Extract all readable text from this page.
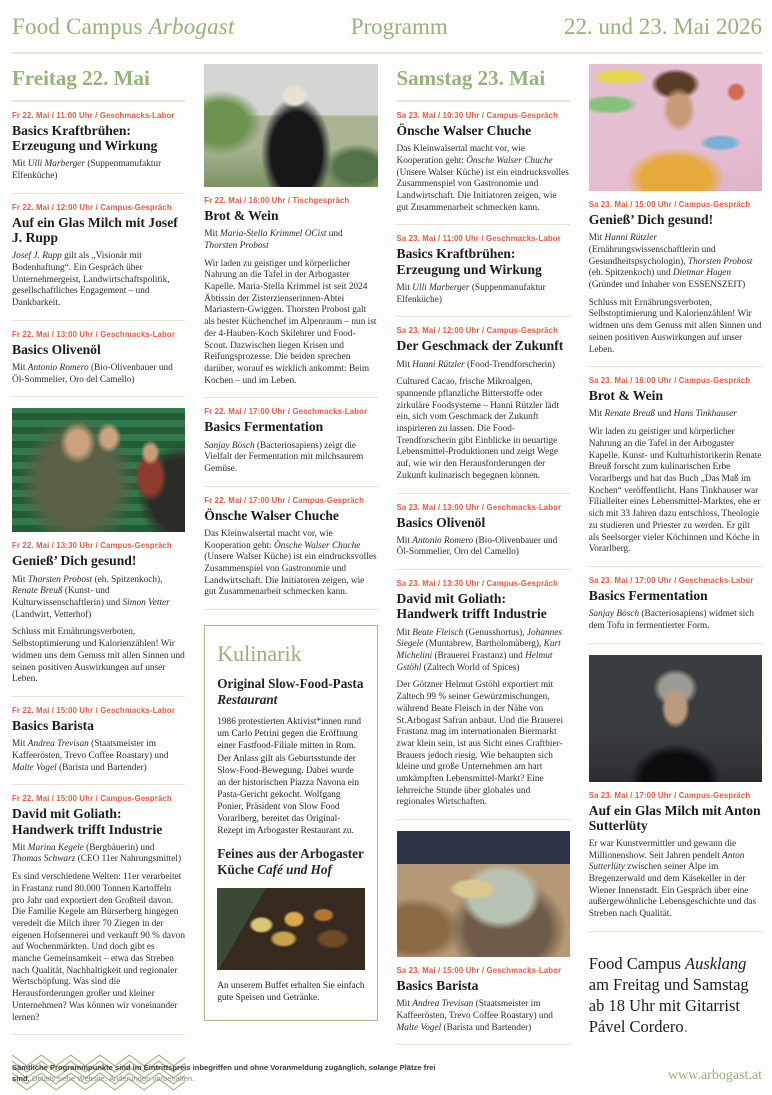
Food Campus Arbogast	Programm	22. und 23. Mai 2026
Freitag 22. Mai
Fr 22. Mai / 11:00 Uhr / Geschmacks-Labor
Basics Kraftbrühen: Erzeugung und Wirkung
Mit Ulli Marberger (Suppenmanufaktur Elfenküche)
Fr 22. Mai / 12:00 Uhr / Campus-Gespräch
Auf ein Glas Milch mit Josef J. Rupp
Josef J. Rupp gilt als „Visionär mit Bodenhaftung“. Ein Gespräch über Unternehmergeist, Landwirtschaftspolitik, gesellschaftliches Engagement – und Dankbarkeit.
Fr 22. Mai / 13:00 Uhr / Geschmacks-Labor
Basics Olivenöl
Mit Antonio Romero (Bio-Olivenbauer und Öl-Sommelier, Oro del Camello)
Fr 22. Mai / 13:30 Uhr / Campus-Gespräch
Genieß’ Dich gesund!
Mit Thorsten Probost (eh. Spitzenkoch), Renate Breuß (Kunst- und Kulturwissenschaftlerin) und Simon Vetter (Landwirt, Vetterhof)
Schluss mit Ernährungsverboten, Selbstoptimierung und Kalorienzählen! Wir widmen uns dem Genuss mit allen Sinnen und seinen positiven Auswirkungen auf unser Leben.
Fr 22. Mai / 15:00 Uhr / Geschmacks-Labor
Basics Barista
Mit Andrea Trevisan (Staatsmeister im Kaffeerösten, Trevo Coffee Roastary) und Malte Vogel (Barista und Bartender)
Fr 22. Mai / 15:00 Uhr / Campus-Gespräch
David mit Goliath: Handwerk trifft Industrie
Mit Marina Kegele (Bergbäuerin) und Thomas Schwarz (CEO 11er Nahrungsmittel)
Es sind verschiedene Welten: 11er verarbeitet in Frastanz rund 80.000 Tonnen Kartoffeln pro Jahr und exportiert den Großteil davon. Die Familie Kegele am Bürserberg hingegen veredelt die Milch ihrer 70 Ziegen in der eigenen Hofsennerei und verkauft 90 % davon auf Wochenmärkten. Und doch gibt es manche Gemeinsamkeit – etwa das Streben nach Qualität, Nachhaltigkeit und regionaler Wertschöpfung. Was sind die Herausforderungen großer und kleiner Unternehmen? Was können wir voneinander lernen?
Fr 22. Mai / 16:00 Uhr / Tischgespräch
Brot & Wein
Mit Maria-Stella Krimmel OCist und Thorsten Probost
Wir laden zu geistiger und körperlicher Nahrung an die Tafel in der Arbogaster Kapelle. Maria-Stella Krimmel ist seit 2024 Äbtissin der Zisterzienserinnen-Abtei Mariastern-Gwiggen. Thorsten Probost galt als bester Küchenchef im Alpenraum – nun ist der 4-Hauben-Koch Skilehrer und Food-Scout. Dazwischen liegen Krisen und Reifungsprozesse. Die beiden sprechen darüber, worauf es wirklich ankommt: Beim Kochen – und im Leben.
Fr 22. Mai / 17:00 Uhr / Geschmacks-Labor
Basics Fermentation
Sanjay Bösch (Bacteriosapiens) zeigt die Vielfalt der Fermentation mit milchsaurem Gemüse.
Fr 22. Mai / 17:00 Uhr / Campus-Gespräch
Önsche Walser Chuche
Das Kleinwalsertal macht vor, wie Kooperation geht: Önsche Walser Chuche (Unsere Walser Küche) ist ein eindrucksvolles Zusammenspiel von Gastronomie und Landwirtschaft. Die Initiatoren zeigen, wie gut Zusammenarbeit schmecken kann.
Kulinarik
Original Slow-Food-Pasta
Restaurant
1986 protestierten Aktivist*innen rund um Carlo Petrini gegen die Eröffnung einer Fastfood-Filiale mitten in Rom. Der Anlass gilt als Geburtsstunde der Slow-Food-Bewegung. Dabei wurde an der historischen Piazza Navona ein Pasta-Gericht gekocht. Wolfgang Ponier, Präsident von Slow Food Vorarlberg, bereitet das Original-Rezept im Arbogaster Restaurant zu.
Feines aus der Arbogaster Küche Café und Hof
An unserem Buffet erhalten Sie einfach gute Speisen und Getränke.
Samstag 23. Mai
Sa 23. Mai / 10:30 Uhr / Campus-Gespräch
Önsche Walser Chuche
Das Kleinwalsertal macht vor, wie Kooperation geht: Önsche Walser Chuche (Unsere Walser Küche) ist ein eindrucksvolles Zusammenspiel von Gastronomie und Landwirtschaft. Die Initiatoren zeigen, wie gut Zusammenarbeit schmecken kann.
Sa 23. Mai / 11:00 Uhr / Geschmacks-Labor
Basics Kraftbrühen: Erzeugung und Wirkung
Mit Ulli Marberger (Suppenmanufaktur Elfenküche)
Sa 23. Mai / 12:00 Uhr / Campus-Gespräch
Der Geschmack der Zukunft
Mit Hanni Rützler (Food-Trendforscherin)
Cultured Cacao, frische Mikroalgen, spannende pflanzliche Bitterstoffe oder zirkuläre Foodsysteme – Hanni Rützler lädt ein, sich vom Geschmack der Zukunft inspirieren zu lassen. Die Food-Trendforscherin gibt Einblicke in neuartige Lebensmittel-Produktionen und zeigt Wege auf, wie wir den Herausforderungen der Zukunft kulinarisch begegnen können.
Sa 23. Mai / 13:00 Uhr / Geschmacks-Labor
Basics Olivenöl
Mit Antonio Romero (Bio-Olivenbauer und Öl-Sommelier, Oro del Camello)
Sa 23. Mai / 13:30 Uhr / Campus-Gespräch
David mit Goliath: Handwerk trifft Industrie
Mit Beate Fleisch (Genusshortus), Johannes Siegele (Muntabrew, Bartholomäberg), Kurt Michelini (Brauerei Frastanz) und Helmut Gstöhl (Zaltech World of Spices)
Der Götzner Helmut Gstöhl exportiert mit Zaltech 99 % seiner Gewürzmischungen, während Beate Fleisch in der Nähe von St.Arbogast Safran anbaut. Und die Brauerei Frastanz mag im internationalen Biermarkt zwar klein sein, ist aus Sicht eines Craftbier-Brauers jedoch riesig. Wie behaupten sich kleine und große Unternehmen am hart umkämpften Lebensmittel-Markt? Eine lehrreiche Stunde über globales und regionales Wirtschaften.
Sa 23. Mai / 15:00 Uhr / Geschmacks-Labor
Basics Barista
Mit Andrea Trevisan (Staatsmeister im Kaffeerösten, Trevo Coffee Roastary) und Malte Vogel (Barista und Bartender)
Sa 23. Mai / 15:00 Uhr / Campus-Gespräch
Genieß’ Dich gesund!
Mit Hanni Rützler (Ernährungswissenschaftlerin und Gesundheitspsychologin), Thorsten Probost (eh. Spitzenkoch) und Dietmar Hagen (Gründer und Inhaber von ESSENSZEIT)
Schluss mit Ernährungsverboten, Selbstoptimierung und Kalorienzählen! Wir widmen uns dem Genuss mit allen Sinnen und seinen positiven Auswirkungen auf unser Leben.
Sa 23. Mai / 16:00 Uhr / Campus-Gespräch
Brot & Wein
Mit Renate Breuß und Hans Tinkhauser
Wir laden zu geistiger und körperlicher Nahrung an die Tafel in der Arbogaster Kapelle. Kunst- und Kulturhistorikerin Renate Breuß forscht zum kulinarischen Erbe Vorarlbergs und hat das Buch „Das Maß im Kochen“ veröffentlicht. Hans Tinkhauser war Filialleiter eines Lebensmittel-Marktes, ehe er sich mit 33 Jahren dazu entschloss, Theologie zu studieren und Priester zu werden. Er gilt als Seelsorger vieler Köchinnen und Köche in Vorarlberg.
Sa 23. Mai / 17:00 Uhr / Geschmacks-Labor
Basics Fermentation
Sanjay Bösch (Bacteriosapiens) widmet sich dem Tofu in fermentierter Form.
Sa 23. Mai / 17:00 Uhr / Campus-Gespräch
Auf ein Glas Milch mit Anton Sutterlüty
Er war Kunstvermittler und gewann die Millionenshow. Seit Jahren pendelt Anton Sutterlüty zwischen seiner Alpe im Bregenzerwald und dem Käsekeller in der Wiener Innenstadt. Ein Gespräch über eine außergewöhnliche Lebensgeschichte und das Streben nach Qualität.
Food Campus Ausklang am Freitag und Samstag ab 18 Uhr mit Gitarrist Pável Cordero.
Sämtliche Programmpunkte sind im Eintrittspreis inbegriffen und ohne Voranmeldung zugänglich, solange Plätze frei sind. Details siehe Website. Änderungen vorbehalten.	www.arbogast.at
